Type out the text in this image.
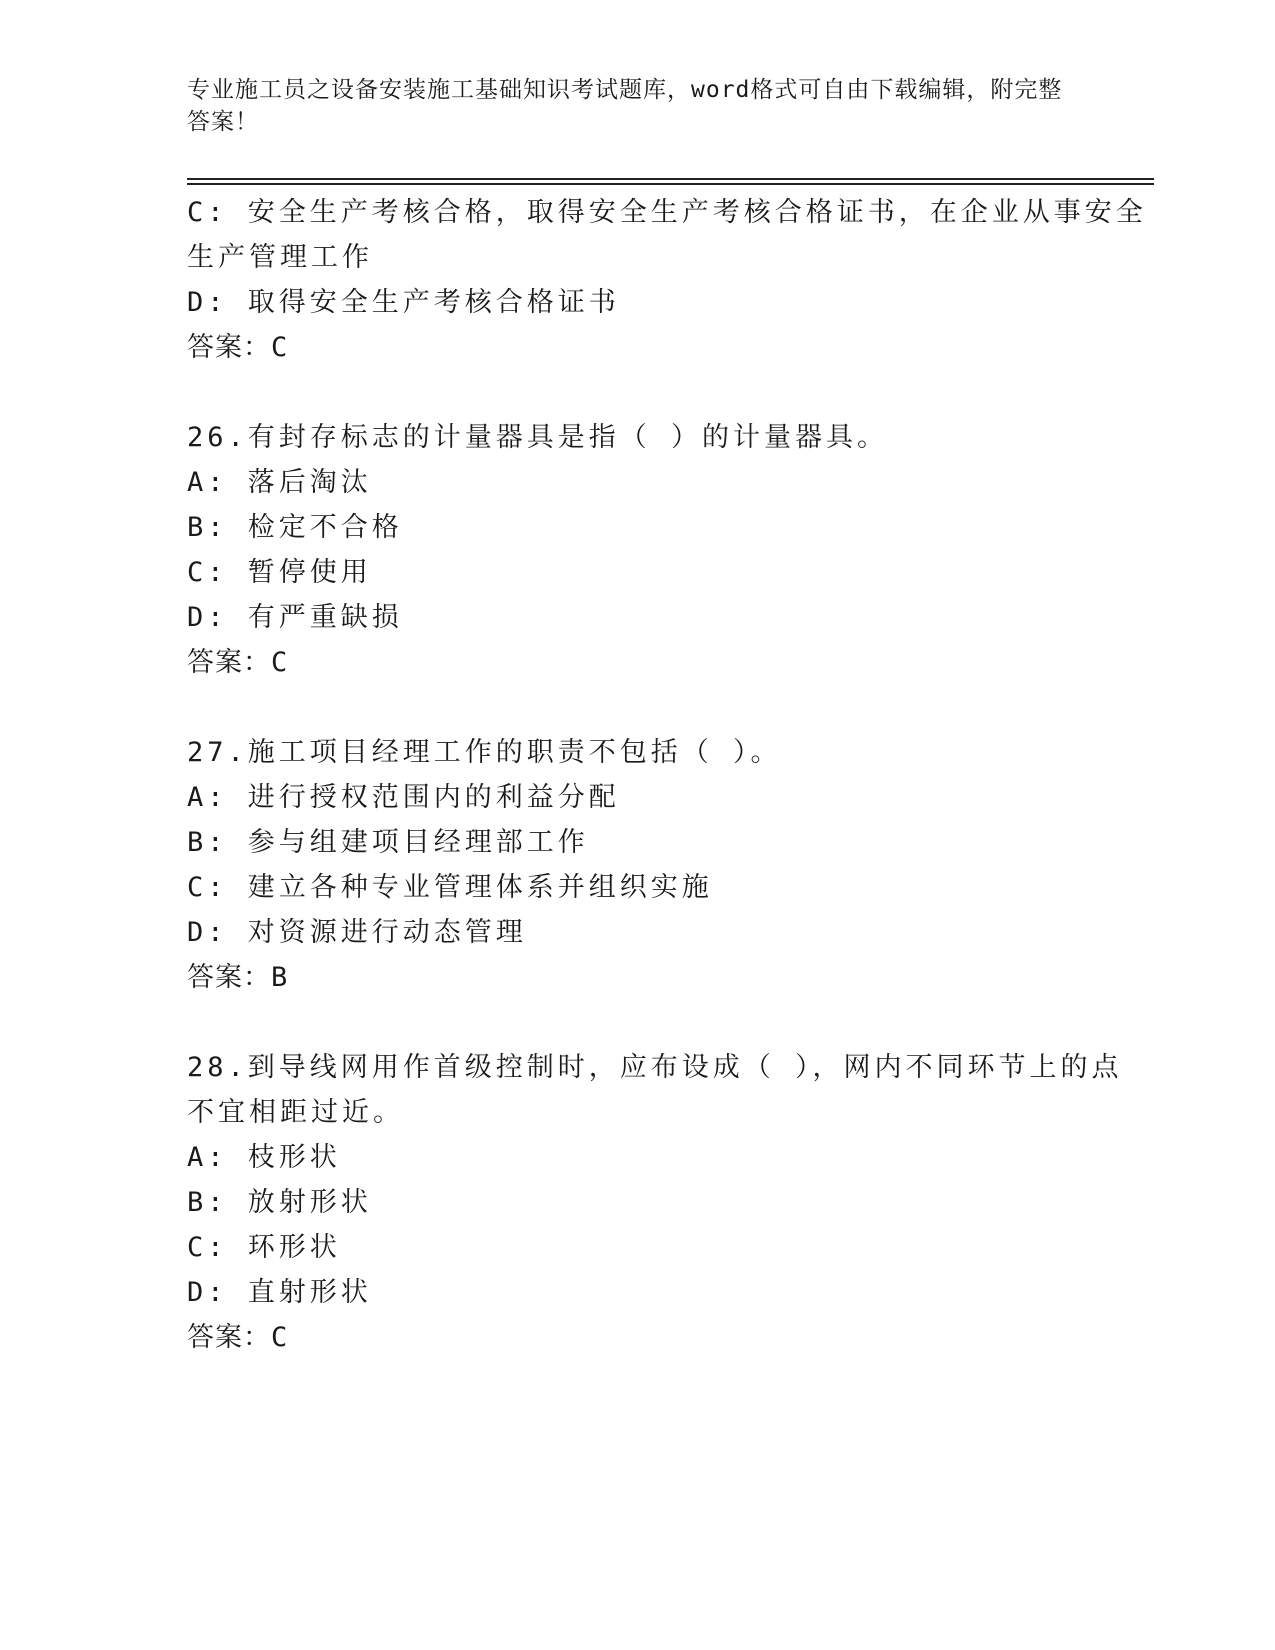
专业施工员之设备安装施工基础知识考试题库，word格式可自由下载编辑，附完整答案！
C: 安全生产考核合格，取得安全生产考核合格证书，在企业从事安全
生产管理工作
D: 取得安全生产考核合格证书
答案：C
26.有封存标志的计量器具是指（ ）的计量器具。
A: 落后淘汰
B: 检定不合格
C: 暂停使用
D: 有严重缺损
答案：C
27.施工项目经理工作的职责不包括（ ）。
A: 进行授权范围内的利益分配
B: 参与组建项目经理部工作
C: 建立各种专业管理体系并组织实施
D: 对资源进行动态管理
答案：B
28.到导线网用作首级控制时，应布设成（ ），网内不同环节上的点
不宜相距过近。
A: 枝形状
B: 放射形状
C: 环形状
D: 直射形状
答案：C
